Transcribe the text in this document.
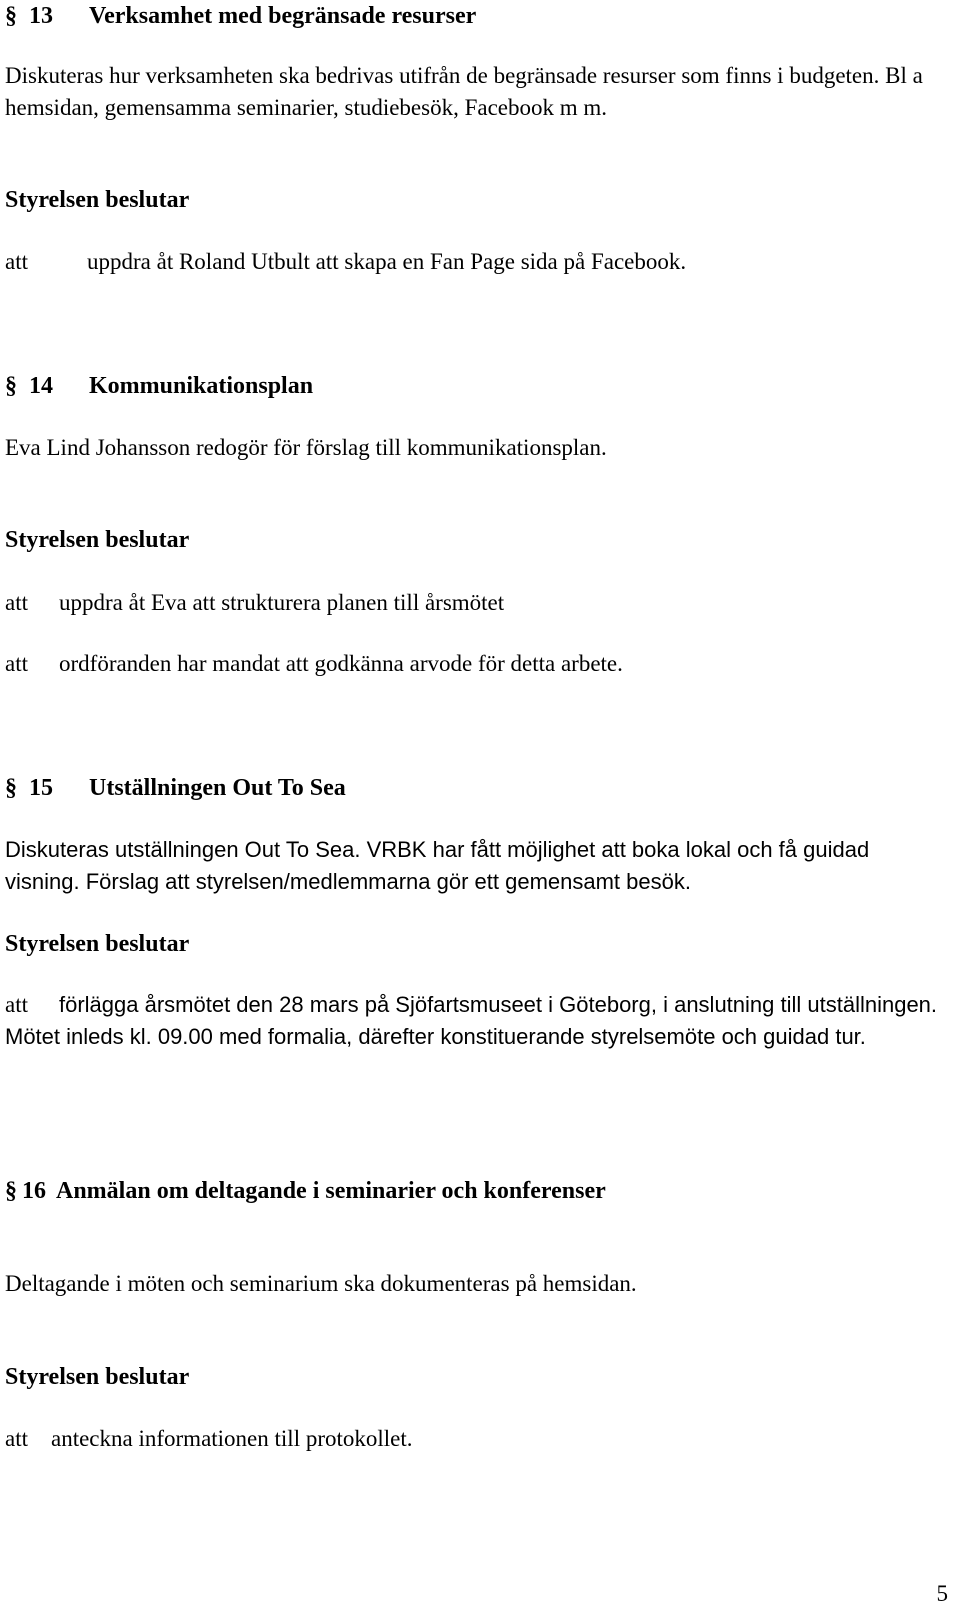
§ 13 Verksamhet med begränsade resurser

Diskuteras hur verksamheten ska bedrivas utifrån de begränsade resurser som finns i budgeten. Bl a hemsidan, gemensamma seminarier, studiebesök, Facebook m m.

Styrelsen beslutar
att	uppdra åt Roland Utbult att skapa en Fan Page sida på Facebook.
§ 14 Kommunikationsplan

Eva Lind Johansson redogör för förslag till kommunikationsplan.

Styrelsen beslutar
att uppdra åt Eva att strukturera planen till årsmötet
att ordföranden har mandat att godkänna arvode för detta arbete.
§ 15 Utställningen Out To Sea

Diskuteras utställningen Out To Sea. VRBK har fått möjlighet att boka lokal och få guidad visning. Förslag att styrelsen/medlemmarna gör ett gemensamt besök.

Styrelsen beslutar

att förlägga årsmötet den 28 mars på Sjöfartsmuseet i Göteborg, i anslutning till utställningen. Mötet inleds kl. 09.00 med formalia, därefter konstituerande styrelsemöte och guidad tur.

§ 16 Anmälan om deltagande i seminarier och konferenser

Deltagande i möten och seminarium ska dokumenteras på hemsidan.

Styrelsen beslutar
att anteckna informationen till protokollet.
5
